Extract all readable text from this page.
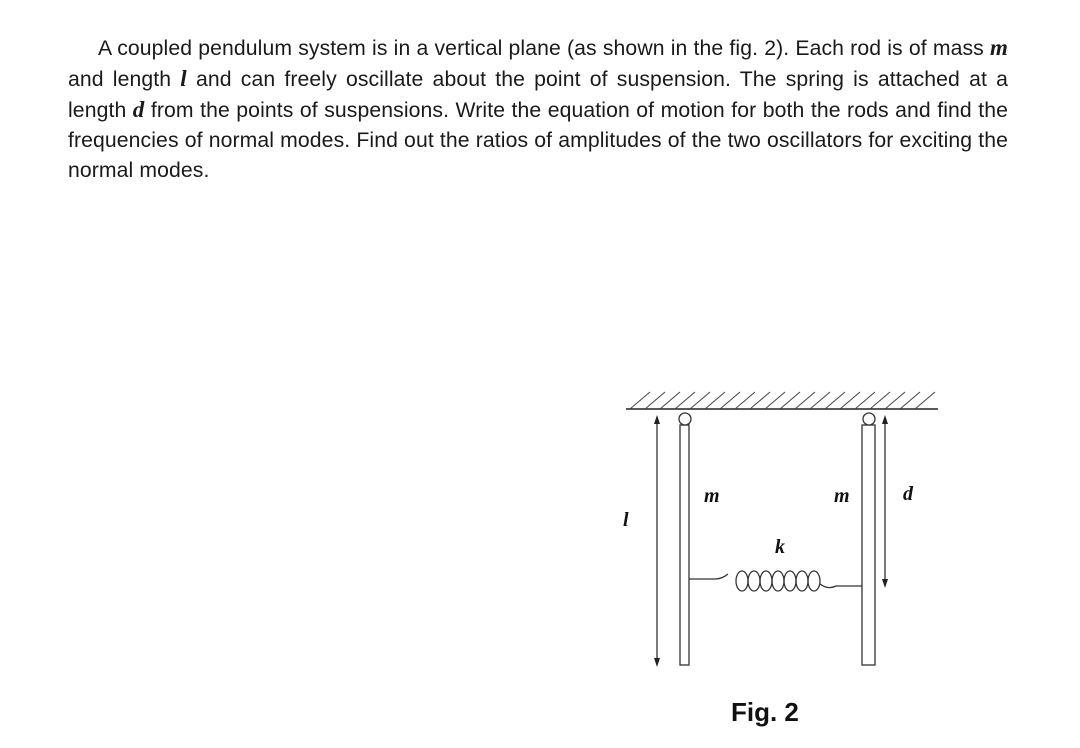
A coupled pendulum system is in a vertical plane (as shown in the fig. 2). Each rod is of mass m and length l and can freely oscillate about the point of suspension. The spring is attached at a length d from the points of suspensions. Write the equation of motion for both the rods and find the frequencies of normal modes. Find out the ratios of amplitudes of the two oscillators for exciting the normal modes.
l
m	m
k
d
Fig. 2
